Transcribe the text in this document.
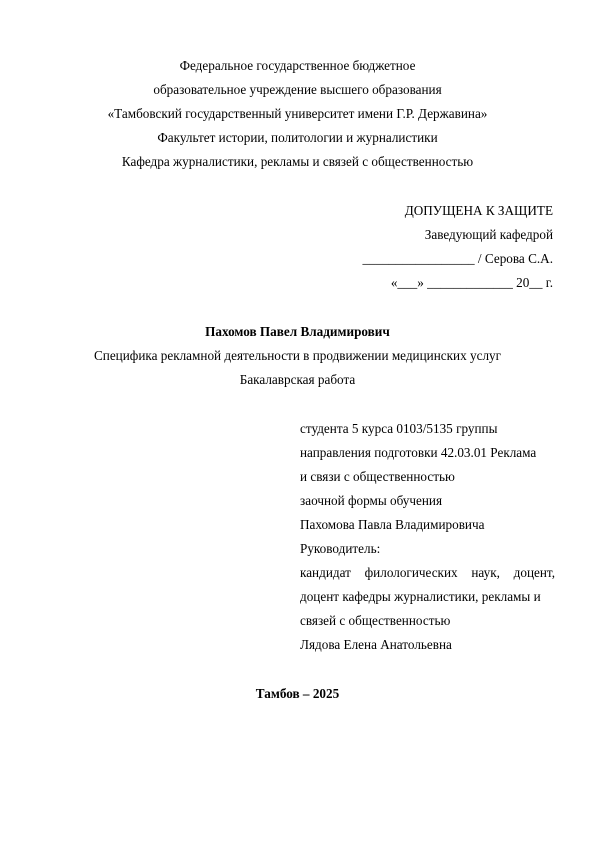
Федеральное государственное бюджетное
образовательное учреждение высшего образования
«Тамбовский государственный университет имени Г.Р. Державина»
Факультет истории, политологии и журналистики
Кафедра журналистики, рекламы и связей с общественностью
ДОПУЩЕНА К ЗАЩИТЕ
Заведующий кафедрой
_________________ / Серова С.А.
«___» _____________ 20__ г.
Пахомов Павел Владимирович
Специфика рекламной деятельности в продвижении медицинских услуг
Бакалаврская работа
студента 5 курса 0103/5135 группы
направления подготовки 42.03.01 Реклама
и связи с общественностью
заочной формы обучения
Пахомова Павла Владимировича
Руководитель:
кандидат филологических наук, доцент,
доцент кафедры журналистики, рекламы и
связей с общественностью
Лядова Елена Анатольевна
Тамбов – 2025
